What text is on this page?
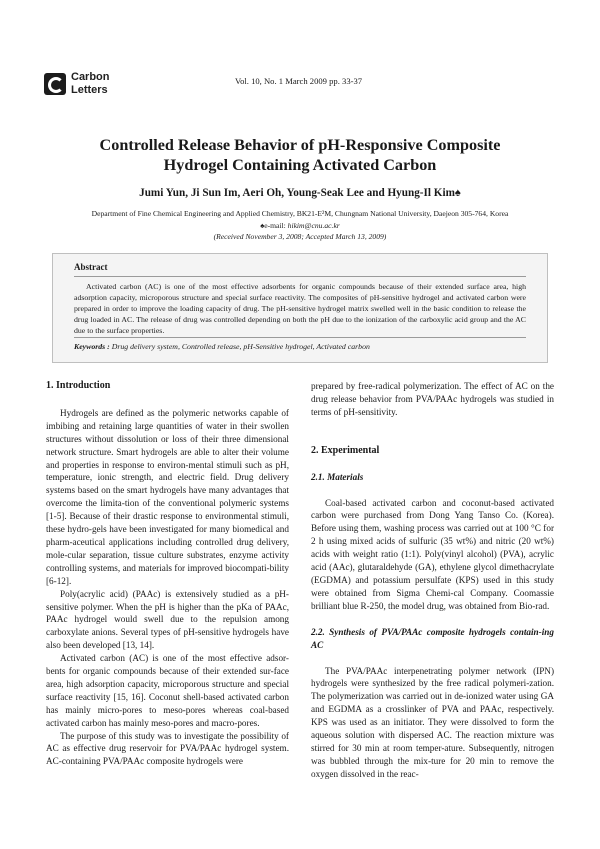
Carbon
Letters
Vol. 10, No. 1 March 2009 pp. 33-37
Controlled Release Behavior of pH-Responsive Composite
Hydrogel Containing Activated Carbon
Jumi Yun, Ji Sun Im, Aeri Oh, Young-Seak Lee and Hyung-Il Kim♠
Department of Fine Chemical Engineering and Applied Chemistry, BK21-E²M, Chungnam National University, Daejeon 305-764, Korea
♠e-mail: hikim@cnu.ac.kr
(Received November 3, 2008; Accepted March 13, 2009)
Abstract
Activated carbon (AC) is one of the most effective adsorbents for organic compounds because of their extended surface area, high adsorption capacity, microporous structure and special surface reactivity. The composites of pH-sensitive hydrogel and activated carbon were prepared in order to improve the loading capacity of drug. The pH-sensitive hydrogel matrix swelled well in the basic condition to release the drug loaded in AC. The release of drug was controlled depending on both the pH due to the ionization of the carboxylic acid group and the AC due to the surface properties.
Keywords : Drug delivery system, Controlled release, pH-Sensitive hydrogel, Activated carbon

1. Introduction

Hydrogels are defined as the polymeric networks capable of imbibing and retaining large quantities of water in their swollen structures without dissolution or loss of their three dimensional network structure. Smart hydrogels are able to alter their volume and properties in response to environ-mental stimuli such as pH, temperature, ionic strength, and electric field. Drug delivery systems based on the smart hydrogels have many advantages that overcome the limita-tion of the conventional polymeric systems [1-5]. Because of their drastic response to environmental stimuli, these hydro-gels have been investigated for many biomedical and pharm-aceutical applications including controlled drug delivery, mole-cular separation, tissue culture substrates, enzyme activity controlling systems, and materials for improved biocompati-bility [6-12].

Poly(acrylic acid) (PAAc) is extensively studied as a pH-sensitive polymer. When the pH is higher than the pKa of PAAc, PAAc hydrogel would swell due to the repulsion among carboxylate anions. Several types of pH-sensitive hydrogels have also been developed [13, 14].

Activated carbon (AC) is one of the most effective adsor-bents for organic compounds because of their extended sur-face area, high adsorption capacity, microporous structure and special surface reactivity [15, 16]. Coconut shell-based activated carbon has mainly micro-pores to meso-pores whereas coal-based activated carbon has mainly meso-pores and macro-pores.

The purpose of this study was to investigate the possibility of AC as effective drug reservoir for PVA/PAAc hydrogel system. AC-containing PVA/PAAc composite hydrogels were

prepared by free-radical polymerization. The effect of AC on the drug release behavior from PVA/PAAc hydrogels was studied in terms of pH-sensitivity.

2. Experimental

2.1. Materials

Coal-based activated carbon and coconut-based activated carbon were purchased from Dong Yang Tanso Co. (Korea). Before using them, washing process was carried out at 100 °C for 2 h using mixed acids of sulfuric (35 wt%) and nitric (20 wt%) acids with weight ratio (1:1). Poly(vinyl alcohol) (PVA), acrylic acid (AAc), glutaraldehyde (GA), ethylene glycol dimethacrylate (EGDMA) and potassium persulfate (KPS) used in this study were obtained from Sigma Chemi-cal Company. Coomassie brilliant blue R-250, the model drug, was obtained from Bio-rad.

2.2. Synthesis of PVA/PAAc composite hydrogels contain-ing AC

The PVA/PAAc interpenetrating polymer network (IPN) hydrogels were synthesized by the free radical polymeri-zation. The polymerization was carried out in de-ionized water using GA and EGDMA as a crosslinker of PVA and PAAc, respectively. KPS was used as an initiator. They were dissolved to form the aqueous solution with dispersed AC. The reaction mixture was stirred for 30 min at room temper-ature. Subsequently, nitrogen was bubbled through the mix-ture for 20 min to remove the oxygen dissolved in the reac-
